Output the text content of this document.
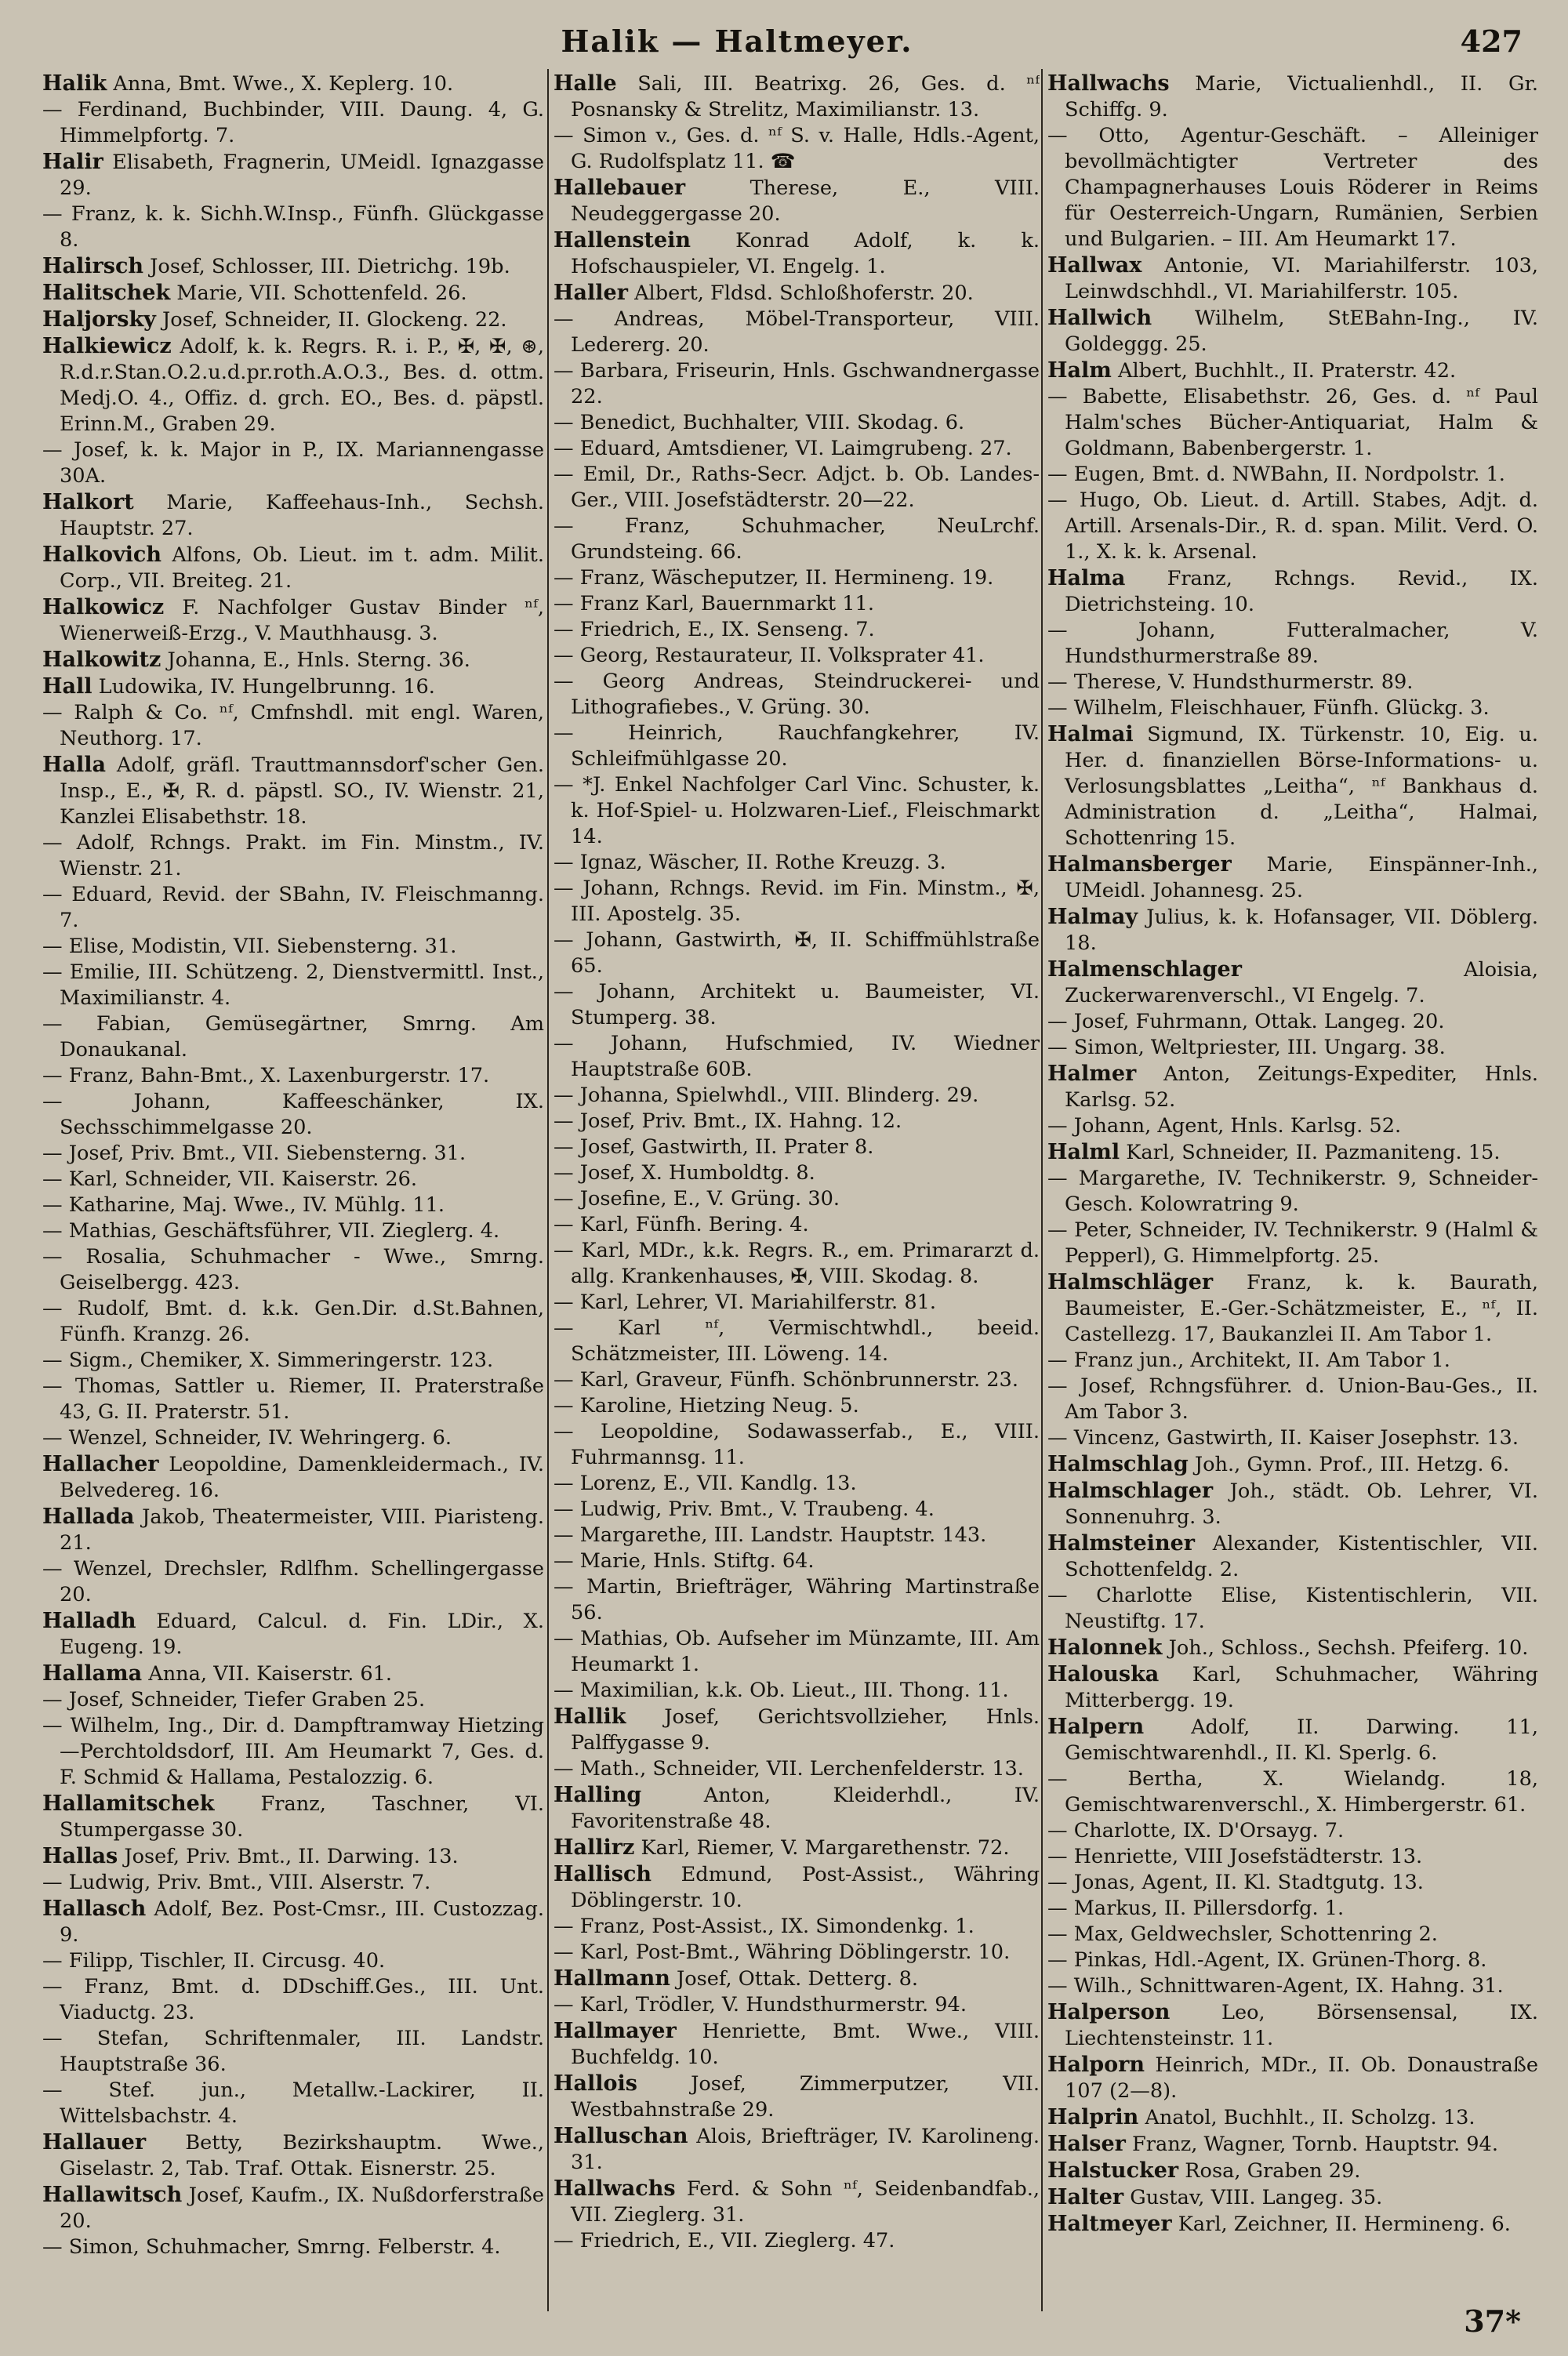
Halik — Haltmeyer.	427

Halik Anna, Bmt. Wwe., X. Keplerg. 10.

— Ferdinand, Buchbinder, VIII. Daung. 4, G. Himmelpfortg. 7.

Halir Elisabeth, Fragnerin, UMeidl. Ignazgasse 29.

— Franz, k. k. Sichh.W.Insp., Fünfh. Glückgasse 8.

Halirsch Josef, Schlosser, III. Dietrichg. 19b.

Halitschek Marie, VII. Schottenfeld. 26.

Haljorsky Josef, Schneider, II. Glockeng. 22.

Halkiewicz Adolf, k. k. Regrs. R. i. P., ✠, ✠, ⊛, R.d.r.Stan.O.2.u.d.pr.roth.A.O.3., Bes. d. ottm. Medj.O. 4., Offiz. d. grch. EO., Bes. d. päpstl. Erinn.M., Graben 29.

— Josef, k. k. Major in P., IX. Mariannengasse 30A.

Halkort Marie, Kaffeehaus-Inh., Sechsh. Hauptstr. 27.

Halkovich Alfons, Ob. Lieut. im t. adm. Milit. Corp., VII. Breiteg. 21.

Halkowicz F. Nachfolger Gustav Binder ⁿᶠ, Wienerweiß-Erzg., V. Mauthhausg. 3.

Halkowitz Johanna, E., Hnls. Sterng. 36.

Hall Ludowika, IV. Hungelbrunng. 16.

— Ralph & Co. ⁿᶠ, Cmfnshdl. mit engl. Waren, Neuthorg. 17.

Halla Adolf, gräfl. Trauttmannsdorf'scher Gen. Insp., E., ✠, R. d. päpstl. SO., IV. Wienstr. 21, Kanzlei Elisabethstr. 18.

— Adolf, Rchngs. Prakt. im Fin. Minstm., IV. Wienstr. 21.

— Eduard, Revid. der SBahn, IV. Fleischmanng. 7.

— Elise, Modistin, VII. Siebensterng. 31.

— Emilie, III. Schützeng. 2, Dienstvermittl. Inst., Maximilianstr. 4.

— Fabian, Gemüsegärtner, Smrng. Am Donaukanal.

— Franz, Bahn-Bmt., X. Laxenburgerstr. 17.

— Johann, Kaffeeschänker, IX. Sechsschimmelgasse 20.

— Josef, Priv. Bmt., VII. Siebensterng. 31.

— Karl, Schneider, VII. Kaiserstr. 26.

— Katharine, Maj. Wwe., IV. Mühlg. 11.

— Mathias, Geschäftsführer, VII. Zieglerg. 4.

— Rosalia, Schuhmacher - Wwe., Smrng. Geiselbergg. 423.

— Rudolf, Bmt. d. k.k. Gen.Dir. d.St.Bahnen, Fünfh. Kranzg. 26.

— Sigm., Chemiker, X. Simmeringerstr. 123.

— Thomas, Sattler u. Riemer, II. Praterstraße 43, G. II. Praterstr. 51.

— Wenzel, Schneider, IV. Wehringerg. 6.

Hallacher Leopoldine, Damenkleidermach., IV. Belvedereg. 16.

Hallada Jakob, Theatermeister, VIII. Piaristeng. 21.

— Wenzel, Drechsler, Rdlfhm. Schellingergasse 20.

Halladh Eduard, Calcul. d. Fin. LDir., X. Eugeng. 19.

Hallama Anna, VII. Kaiserstr. 61.

— Josef, Schneider, Tiefer Graben 25.

— Wilhelm, Ing., Dir. d. Dampftramway Hietzing—Perchtoldsdorf, III. Am Heumarkt 7, Ges. d. F. Schmid & Hallama, Pestalozzig. 6.

Hallamitschek Franz, Taschner, VI. Stumpergasse 30.

Hallas Josef, Priv. Bmt., II. Darwing. 13.

— Ludwig, Priv. Bmt., VIII. Alserstr. 7.

Hallasch Adolf, Bez. Post-Cmsr., III. Custozzag. 9.

— Filipp, Tischler, II. Circusg. 40.

— Franz, Bmt. d. DDschiff.Ges., III. Unt. Viaductg. 23.

— Stefan, Schriftenmaler, III. Landstr. Hauptstraße 36.

— Stef. jun., Metallw.-Lackirer, II. Wittelsbachstr. 4.

Hallauer Betty, Bezirkshauptm. Wwe., Giselastr. 2, Tab. Traf. Ottak. Eisnerstr. 25.

Hallawitsch Josef, Kaufm., IX. Nußdorferstraße 20.

— Simon, Schuhmacher, Smrng. Felberstr. 4.

Halle Sali, III. Beatrixg. 26, Ges. d. ⁿᶠ Posnansky & Strelitz, Maximilianstr. 13.

— Simon v., Ges. d. ⁿᶠ S. v. Halle, Hdls.-Agent, G. Rudolfsplatz 11. ☎

Hallebauer	Therese, E., VIII. Neudeggergasse 20.

Hallenstein Konrad Adolf, k. k. Hofschauspieler, VI. Engelg. 1.

Haller Albert, Fldsd. Schloßhoferstr. 20.

— Andreas, Möbel-Transporteur, VIII. Ledererg. 20.

— Barbara, Friseurin, Hnls. Gschwandnergasse 22.

— Benedict, Buchhalter, VIII. Skodag. 6.

— Eduard, Amtsdiener, VI. Laimgrubeng. 27.

— Emil, Dr., Raths-Secr. Adjct. b. Ob. Landes-Ger., VIII. Josefstädterstr. 20—22.

— Franz, Schuhmacher, NeuLrchf. Grundsteing. 66.

— Franz, Wäscheputzer, II. Hermineng. 19.

— Franz Karl, Bauernmarkt 11.

— Friedrich, E., IX. Senseng. 7.

— Georg, Restaurateur, II. Volksprater 41.

— Georg Andreas, Steindruckerei- und Lithografiebes., V. Grüng. 30.

— Heinrich, Rauchfangkehrer, IV. Schleifmühlgasse 20.

— *J. Enkel Nachfolger Carl Vinc. Schuster, k. k. Hof-Spiel- u. Holzwaren-Lief., Fleischmarkt 14.

— Ignaz, Wäscher, II. Rothe Kreuzg. 3.

— Johann, Rchngs. Revid. im Fin. Minstm., ✠, III. Apostelg. 35.

— Johann, Gastwirth, ✠, II. Schiffmühlstraße 65.

— Johann, Architekt u. Baumeister, VI. Stumperg. 38.

— Johann, Hufschmied, IV. Wiedner Hauptstraße 60B.

— Johanna, Spielwhdl., VIII. Blinderg. 29.

— Josef, Priv. Bmt., IX. Hahng. 12.

— Josef, Gastwirth, II. Prater 8.

— Josef, X. Humboldtg. 8.

— Josefine, E., V. Grüng. 30.

— Karl, Fünfh. Bering. 4.

— Karl, MDr., k.k. Regrs. R., em. Primararzt d. allg. Krankenhauses, ✠, VIII. Skodag. 8.

— Karl, Lehrer, VI. Mariahilferstr. 81.

— Karl ⁿᶠ, Vermischtwhdl., beeid. Schätzmeister, III. Löweng. 14.

— Karl, Graveur, Fünfh. Schönbrunnerstr. 23.

— Karoline, Hietzing Neug. 5.

— Leopoldine, Sodawasserfab., E., VIII. Fuhrmannsg. 11.

— Lorenz, E., VII. Kandlg. 13.

— Ludwig, Priv. Bmt., V. Traubeng. 4.

— Margarethe, III. Landstr. Hauptstr. 143.

— Marie, Hnls. Stiftg. 64.

— Martin, Briefträger, Währing Martinstraße 56.

— Mathias, Ob. Aufseher im Münzamte, III. Am Heumarkt 1.

— Maximilian, k.k. Ob. Lieut., III. Thong. 11.

Hallik Josef, Gerichtsvollzieher, Hnls. Palffygasse 9.

— Math., Schneider, VII. Lerchenfelderstr. 13.

Halling	Anton, Kleiderhdl., IV. Favoritenstraße 48.

Hallirz Karl, Riemer, V. Margarethenstr. 72.

Hallisch Edmund, Post-Assist., Währing Döblingerstr. 10.

— Franz, Post-Assist., IX. Simondenkg. 1.

— Karl, Post-Bmt., Währing Döblingerstr. 10.

Hallmann Josef, Ottak. Detterg. 8.

— Karl, Trödler, V. Hundsthurmerstr. 94.

Hallmayer Henriette, Bmt. Wwe., VIII. Buchfeldg. 10.

Hallois	Josef, Zimmerputzer, VII. Westbahnstraße 29.

Halluschan Alois, Briefträger, IV. Karolineng. 31.

Hallwachs Ferd. & Sohn ⁿᶠ, Seidenbandfab., VII. Zieglerg. 31.

— Friedrich, E., VII. Zieglerg. 47.

Hallwachs Marie, Victualienhdl., II. Gr. Schiffg. 9.

— Otto, Agentur-Geschäft. – Alleiniger bevollmächtigter Vertreter des Champagnerhauses Louis Röderer in Reims für Oesterreich-Ungarn, Rumänien, Serbien und Bulgarien. – III. Am Heumarkt 17.

Hallwax Antonie, VI. Mariahilferstr. 103, Leinwdschhdl., VI. Mariahilferstr. 105.

Hallwich Wilhelm, StEBahn-Ing., IV. Goldeggg. 25.

Halm Albert, Buchhlt., II. Praterstr. 42.

— Babette, Elisabethstr. 26, Ges. d. ⁿᶠ Paul Halm'sches Bücher-Antiquariat, Halm & Goldmann, Babenbergerstr. 1.

— Eugen, Bmt. d. NWBahn, II. Nordpolstr. 1.

— Hugo, Ob. Lieut. d. Artill. Stabes, Adjt. d. Artill. Arsenals-Dir., R. d. span. Milit. Verd. O. 1., X. k. k. Arsenal.

Halma Franz, Rchngs. Revid., IX. Dietrichsteing. 10.

— Johann, Futteralmacher, V. Hundsthurmerstraße 89.

— Therese, V. Hundsthurmerstr. 89.

— Wilhelm, Fleischhauer, Fünfh. Glückg. 3.

Halmai Sigmund, IX. Türkenstr. 10, Eig. u. Her. d. finanziellen Börse-Informations- u. Verlosungsblattes „Leitha“, ⁿᶠ Bankhaus d. Administration d. „Leitha“, Halmai, Schottenring 15.

Halmansberger Marie, Einspänner-Inh., UMeidl. Johannesg. 25.

Halmay Julius, k. k. Hofansager, VII. Döblerg. 18.

Halmenschlager	Aloisia, Zuckerwarenverschl., VI Engelg. 7.

— Josef, Fuhrmann, Ottak. Langeg. 20.

— Simon, Weltpriester, III. Ungarg. 38.

Halmer Anton, Zeitungs-Expediter, Hnls. Karlsg. 52.

— Johann, Agent, Hnls. Karlsg. 52.

Halml Karl, Schneider, II. Pazmaniteng. 15.

— Margarethe, IV. Technikerstr. 9, Schneider-Gesch. Kolowratring 9.

— Peter, Schneider, IV. Technikerstr. 9 (Halml & Pepperl), G. Himmelpfortg. 25.

Halmschläger Franz, k. k. Baurath, Baumeister, E.-Ger.-Schätzmeister, E., ⁿᶠ, II. Castellezg. 17, Baukanzlei II. Am Tabor 1.

— Franz jun., Architekt, II. Am Tabor 1.

— Josef, Rchngsführer. d. Union-Bau-Ges., II. Am Tabor 3.

— Vincenz, Gastwirth, II. Kaiser Josephstr. 13.

Halmschlag Joh., Gymn. Prof., III. Hetzg. 6.

Halmschlager Joh., städt. Ob. Lehrer, VI. Sonnenuhrg. 3.

Halmsteiner Alexander, Kistentischler, VII. Schottenfeldg. 2.

— Charlotte Elise, Kistentischlerin, VII. Neustiftg. 17.

Halonnek Joh., Schloss., Sechsh. Pfeiferg. 10.

Halouska Karl, Schuhmacher, Währing Mitterbergg. 19.

Halpern Adolf, II. Darwing. 11, Gemischtwarenhdl., II. Kl. Sperlg. 6.

— Bertha, X. Wielandg. 18, Gemischtwarenverschl., X. Himbergerstr. 61.

— Charlotte, IX. D'Orsayg. 7.

— Henriette, VIII Josefstädterstr. 13.

— Jonas, Agent, II. Kl. Stadtgutg. 13.

— Markus, II. Pillersdorfg. 1.

— Max, Geldwechsler, Schottenring 2.

— Pinkas, Hdl.-Agent, IX. Grünen-Thorg. 8.

— Wilh., Schnittwaren-Agent, IX. Hahng. 31.

Halperson	Leo, Börsensensal, IX. Liechtensteinstr. 11.

Halporn Heinrich, MDr., II. Ob. Donaustraße 107 (2—8).

Halprin Anatol, Buchhlt., II. Scholzg. 13.

Halser Franz, Wagner, Tornb. Hauptstr. 94.

Halstucker Rosa, Graben 29.

Halter Gustav, VIII. Langeg. 35.

Haltmeyer Karl, Zeichner, II. Hermineng. 6.

37*
